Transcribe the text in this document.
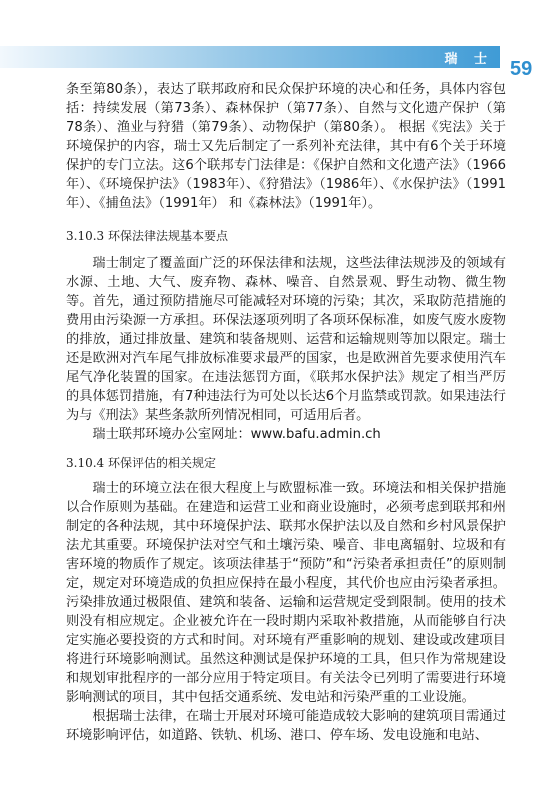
瑞 士 59

条至第80条），表达了联邦政府和民众保护环境的决心和任务，具体内容包括：持续发展（第73条）、森林保护（第77条）、自然与文化遗产保护（第78条）、渔业与狩猎（第79条）、动物保护（第80条）。 根据《宪法》关于环境保护的内容，瑞士又先后制定了一系列补充法律，其中有6个关于环境保护的专门立法。这6个联邦专门法律是：《保护自然和文化遗产法》（1966年）、《环境保护法》（1983年）、《狩猎法》（1986年）、《水保护法》（1991年）、《捕鱼法》（1991年） 和《森林法》（1991年）。

3.10.3 环保法律法规基本要点

瑞士制定了覆盖面广泛的环保法律和法规，这些法律法规涉及的领域有水源、土地、大气、废弃物、森林、噪音、自然景观、野生动物、微生物等。首先，通过预防措施尽可能减轻对环境的污染；其次，采取防范措施的费用由污染源一方承担。环保法逐项列明了各项环保标准，如废气废水废物的排放，通过排放量、建筑和装备规则、运营和运输规则等加以限定。瑞士还是欧洲对汽车尾气排放标准要求最严的国家，也是欧洲首先要求使用汽车尾气净化装置的国家。在违法惩罚方面，《联邦水保护法》规定了相当严厉的具体惩罚措施，有7种违法行为可处以长达6个月监禁或罚款。如果违法行为与《刑法》某些条款所列情况相同，可适用后者。

瑞士联邦环境办公室网址：www.bafu.admin.ch

3.10.4 环保评估的相关规定

瑞士的环境立法在很大程度上与欧盟标准一致。环境法和相关保护措施以合作原则为基础。在建造和运营工业和商业设施时，必须考虑到联邦和州制定的各种法规，其中环境保护法、联邦水保护法以及自然和乡村风景保护法尤其重要。环境保护法对空气和土壤污染、噪音、非电离辐射、垃圾和有害环境的物质作了规定。该项法律基于“预防”和“污染者承担责任”的原则制定，规定对环境造成的负担应保持在最小程度，其代价也应由污染者承担。污染排放通过极限值、建筑和装备、运输和运营规定受到限制。使用的技术则没有相应规定。企业被允许在一段时期内采取补救措施，从而能够自行决定实施必要投资的方式和时间。对环境有严重影响的规划、建设或改建项目将进行环境影响测试。虽然这种测试是保护环境的工具，但只作为常规建设和规划审批程序的一部分应用于特定项目。有关法令已列明了需要进行环境影响测试的项目，其中包括交通系统、发电站和污染严重的工业设施。

根据瑞士法律，在瑞士开展对环境可能造成较大影响的建筑项目需通过环境影响评估，如道路、铁轨、机场、港口、停车场、发电设施和电站、
